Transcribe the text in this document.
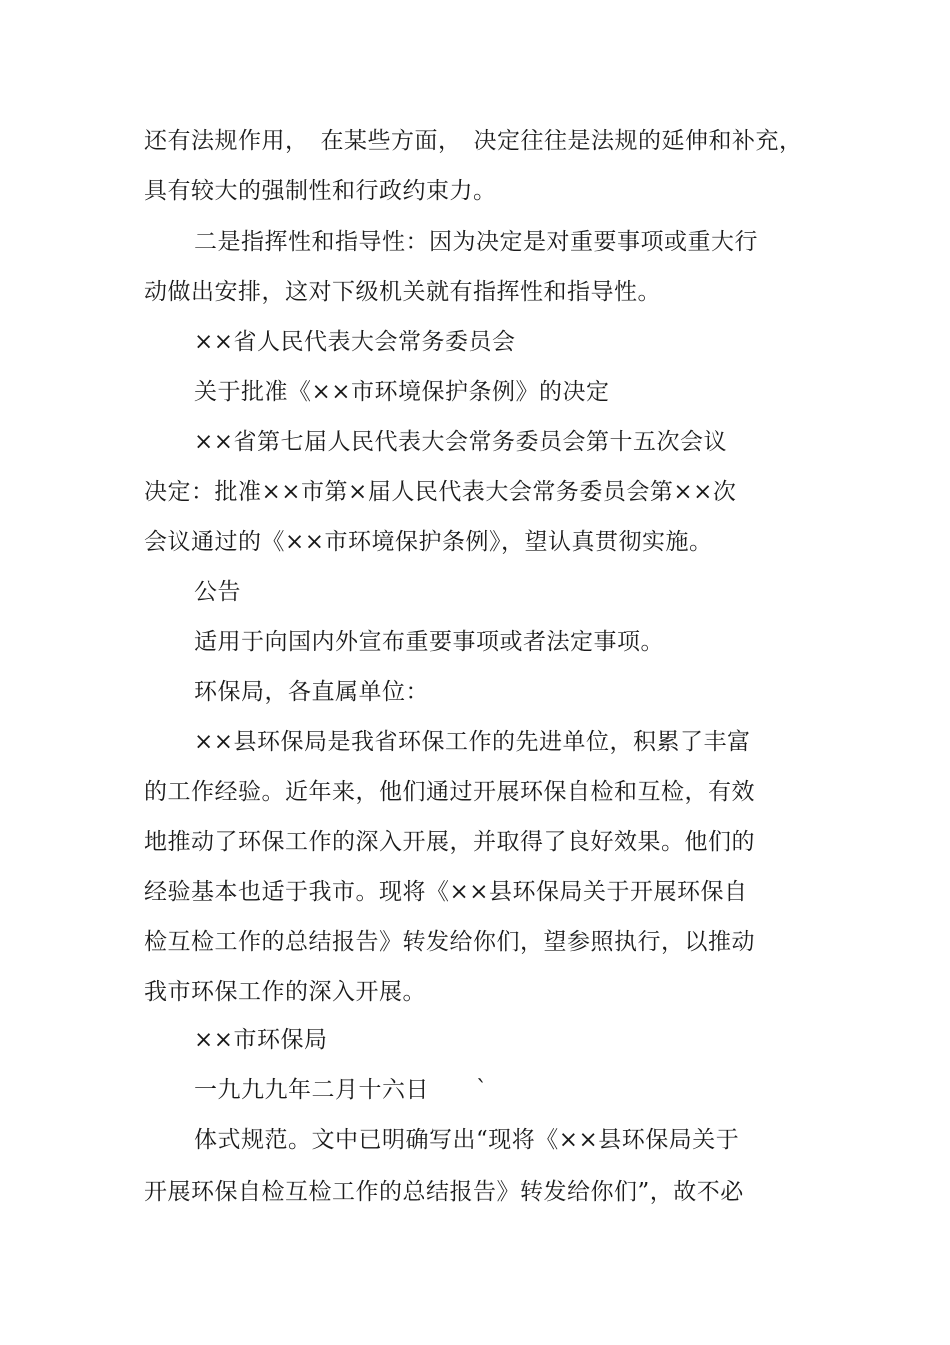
还有法规作用，　在某些方面，　决定往往是法规的延伸和补充，
具有较大的强制性和行政约束力。
二是指挥性和指导性：因为决定是对重要事项或重大行
动做出安排，这对下级机关就有指挥性和指导性。
××省人民代表大会常务委员会
关于批准《××市环境保护条例》的决定
××省第七届人民代表大会常务委员会第十五次会议
决定：批准××市第×届人民代表大会常务委员会第××次
会议通过的《××市环境保护条例》，望认真贯彻实施。
公告
适用于向国内外宣布重要事项或者法定事项。
环保局，各直属单位：
××县环保局是我省环保工作的先进单位，积累了丰富
的工作经验。近年来，他们通过开展环保自检和互检，有效
地推动了环保工作的深入开展，并取得了良好效果。他们的
经验基本也适于我市。现将《××县环保局关于开展环保自
检互检工作的总结报告》转发给你们，望参照执行，以推动
我市环保工作的深入开展。
××市环保局
一九九九年二月十六日　　`
体式规范。文中已明确写出“现将《××县环保局关于
开展环保自检互检工作的总结报告》转发给你们”，故不必
